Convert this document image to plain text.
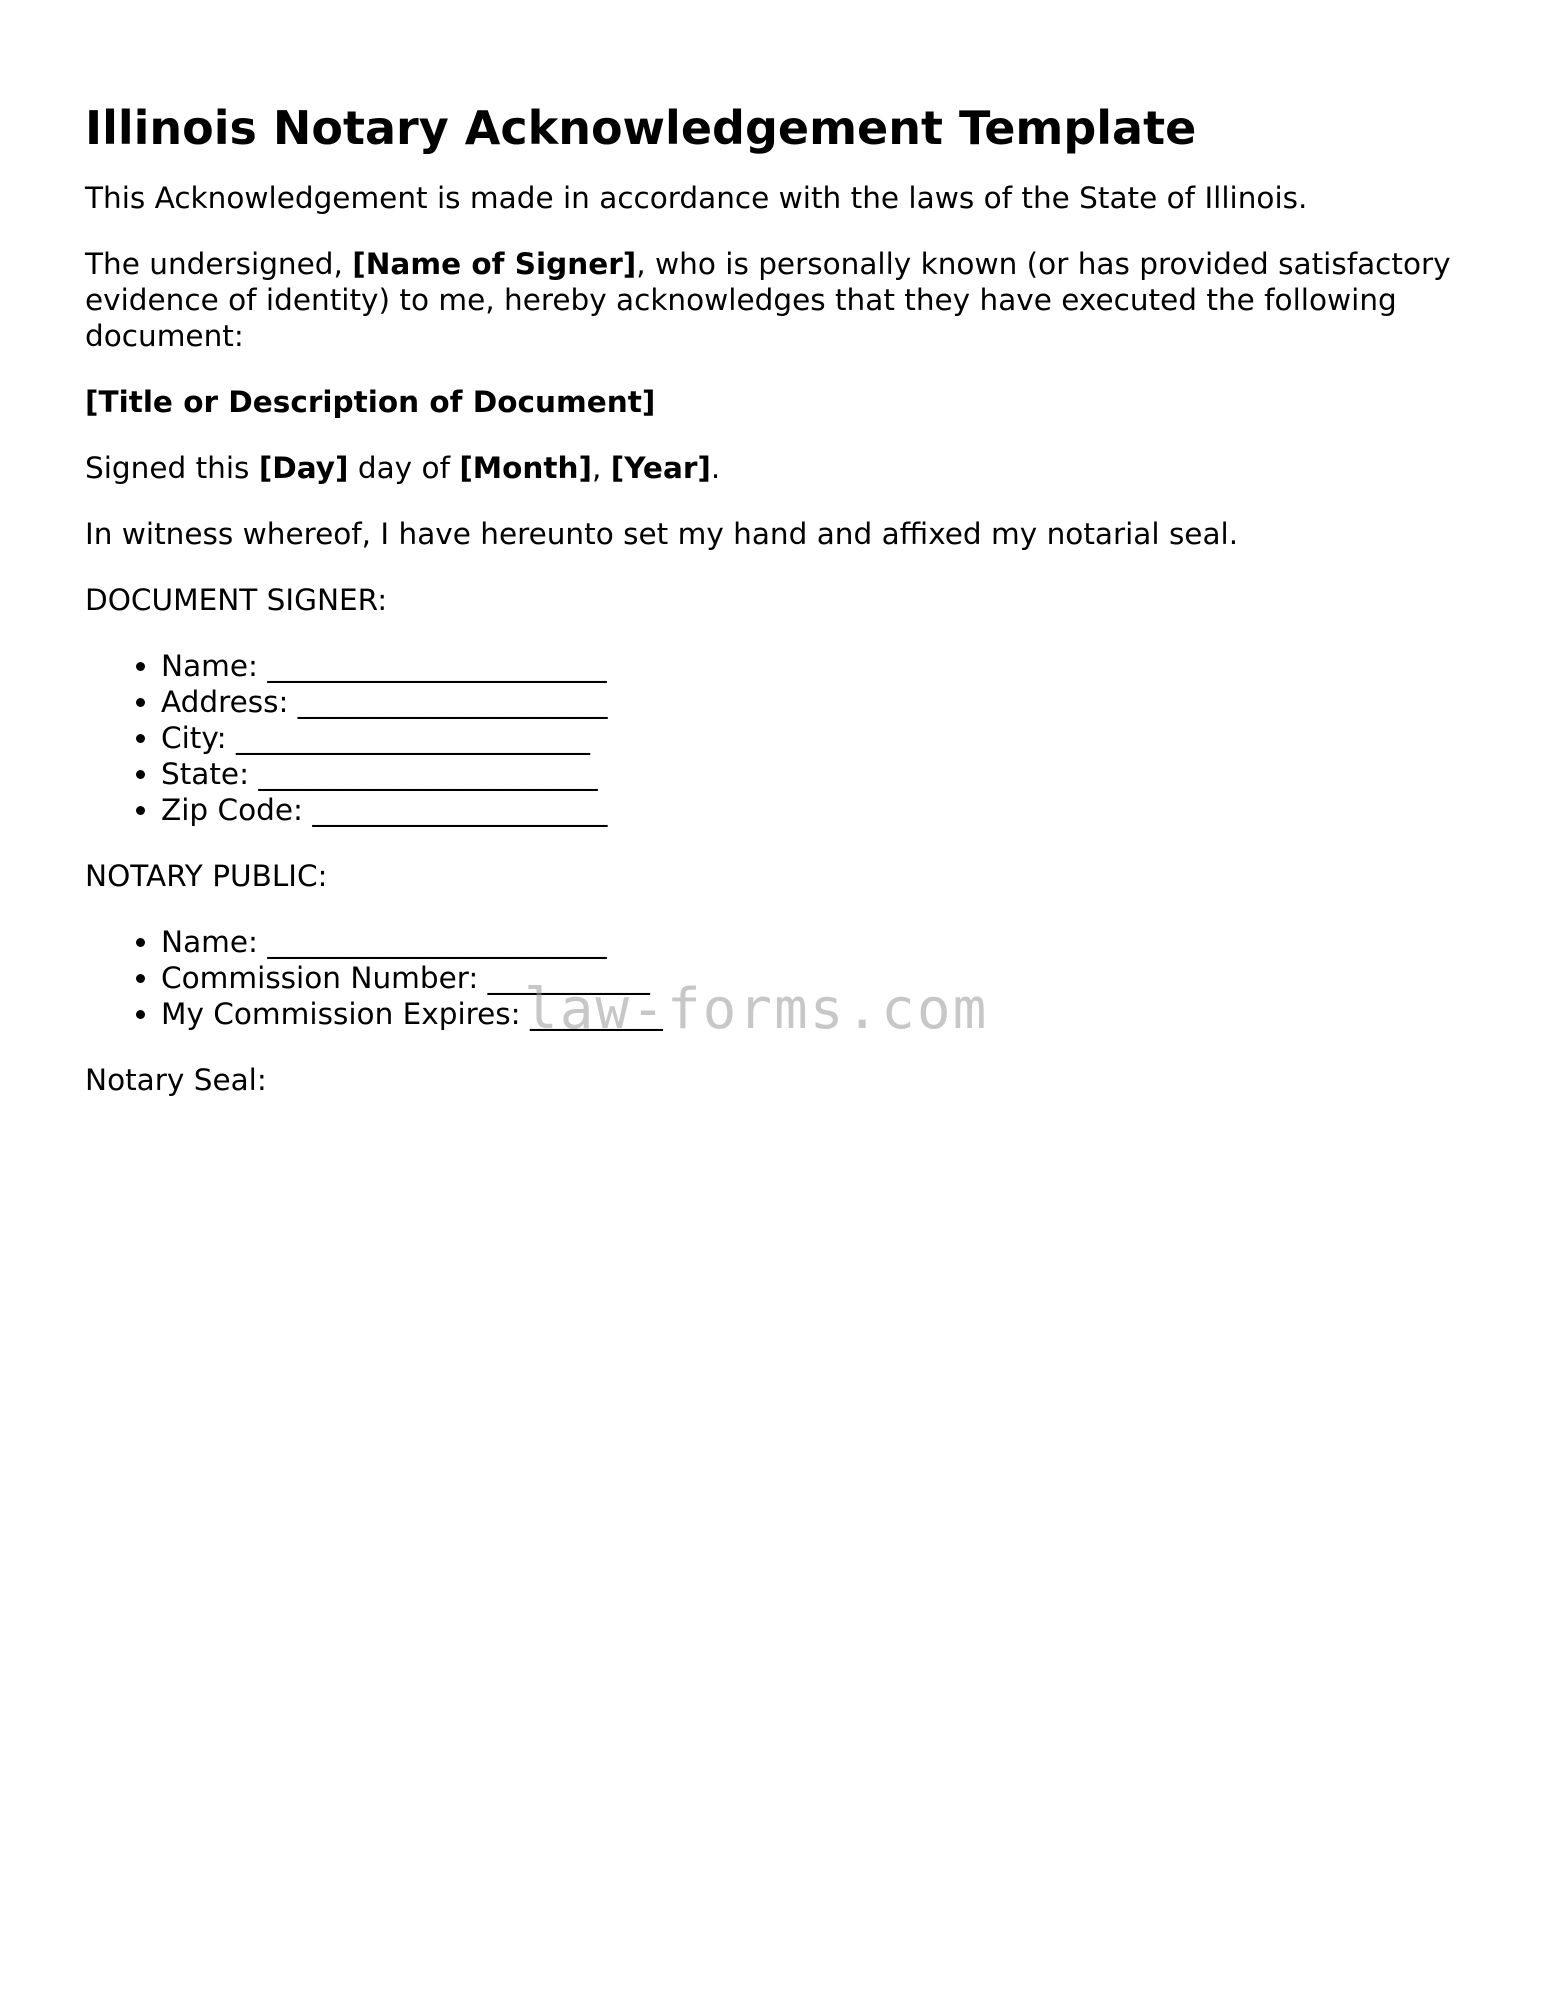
Illinois Notary Acknowledgement Template

This Acknowledgement is made in accordance with the laws of the State of Illinois.

The undersigned, [Name of Signer], who is personally known (or has provided satisfactory evidence of identity) to me, hereby acknowledges that they have executed the following document:

[Title or Description of Document]

Signed this [Day] day of [Month], [Year].

In witness whereof, I have hereunto set my hand and affixed my notarial seal.

DOCUMENT SIGNER:
• Name: _______________________
• Address: _____________________
• City: ________________________
• State: _______________________
• Zip Code: ____________________
NOTARY PUBLIC:
• Name: _______________________
• Commission Number: ___________
• My Commission Expires: _________

Notary Seal:

law-forms.com
